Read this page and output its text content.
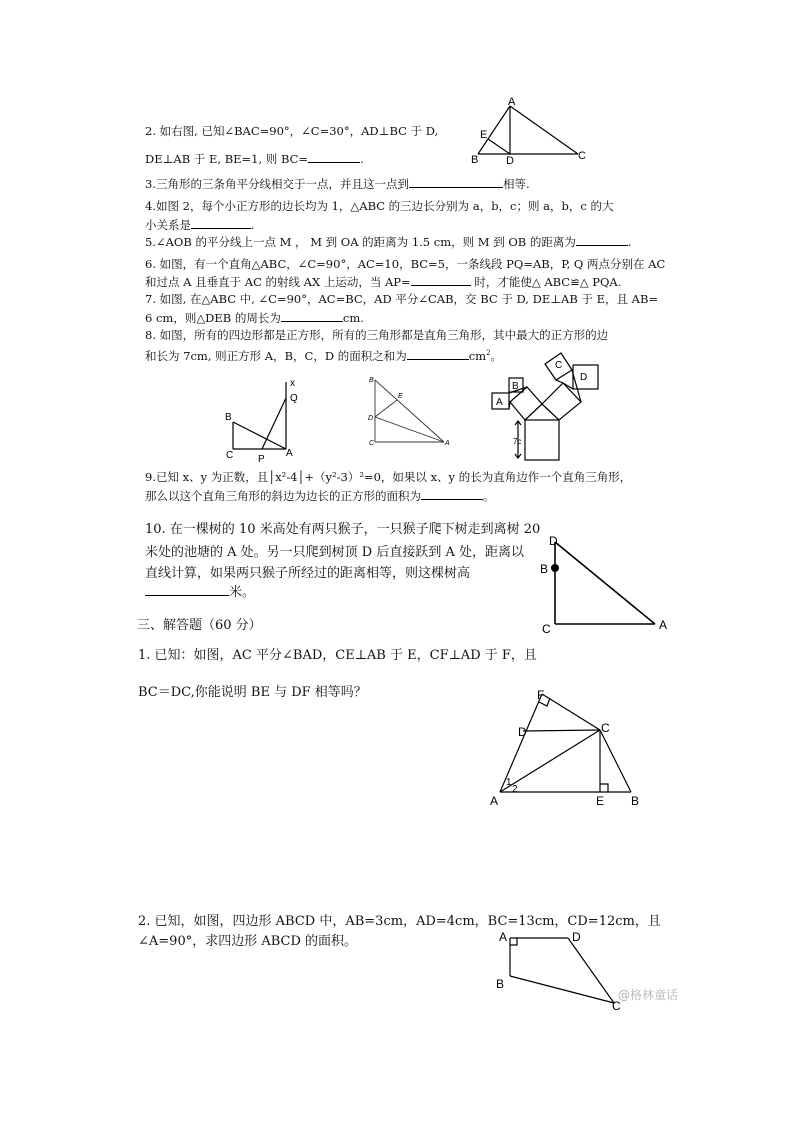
2. 如右图, 已知∠BAC=90°，∠C=30°，AD⊥BC 于 D,
DE⊥AB 于 E, BE=1, 则 BC=	.
A
E
B	D	C
3.三角形的三条角平分线相交于一点，并且这一点到	相等.
4.如图 2，每个小正方形的边长均为 1，△ABC 的三边长分别为 a，b，c；则 a，b，c 的大
小关系是	.
5.∠AOB 的平分线上一点 M ， M 到 OA 的距离为 1.5 cm，则 M 到 OB 的距离为	.
6. 如图，有一个直角△ABC，∠C=90°，AC=10，BC=5，一条线段 PQ=AB，P, Q 两点分别在 AC
和过点 A 且垂直于 AC 的射线 AX 上运动，当 AP=	时，才能使△ ABC≌△ PQA.
7. 如图, 在△ABC 中, ∠C=90°，AC=BC，AD 平分∠CAB，交 BC 于 D, DE⊥AB 于 E，且 AB=
6 cm，则△DEB 的周长为	cm.
8. 如图，所有的四边形都是正方形，所有的三角形都是直角三角形，其中最大的正方形的边
和长为 7cm, 则正方形 A，B，C，D 的面积之和为	$cm^2$。
x
Q
B
C P
A
B
E
D
C	A
B
A
C
D
7c
9.已知 x、y 为正数，且│x²-4│+（y²-3）²=0，如果以 x、y 的长为直角边作一个直角三角形，
那么以这个直角三角形的斜边为边长的正方形的面积为	。
10. 在一棵树的 10 米高处有两只猴子，一只猴子爬下树走到离树 20
米处的池塘的 A 处。另一只爬到树顶 D 后直接跃到 A 处，距离以
直线计算，如果两只猴子所经过的距离相等，则这棵树高
米。
D
B
C	A
三、解答题（60 分）
1. 已知：如图，AC 平分∠BAD，CE⊥AB 于 E，CF⊥AD 于 F，且
BC＝DC,你能说明 BE 与 DF 相等吗？	F
D	C
1
2
A	E B
2. 已知，如图，四边形 ABCD 中，AB=3cm，AD=4cm，BC=13cm，CD=12cm，且
∠A=90°，求四边形 ABCD 的面积。	A	D
B
C
@格林童话
